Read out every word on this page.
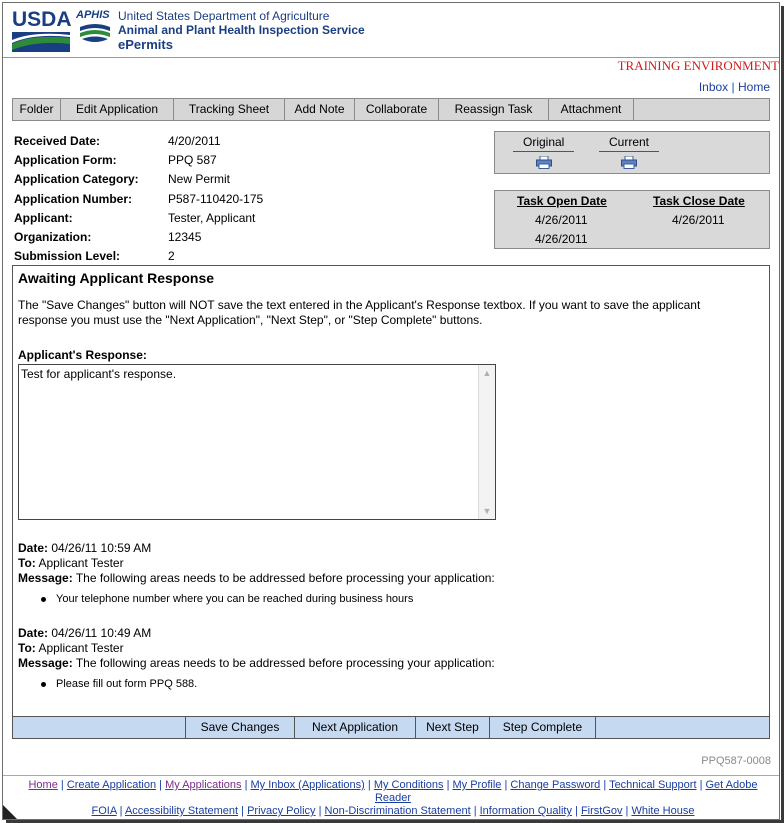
USDA APHIS United States Department of Agriculture
Animal and Plant Health Inspection Service
ePermits
TRAINING ENVIRONMENT
Inbox | Home
Folder	Edit Application	Tracking Sheet	Add Note	Collaborate	Reassign Task	Attachment
Received Date:	4/20/2011
Application Form:	PPQ 587
Application Category: New Permit
Application Number:	P587-110420-175
Applicant:	Tester, Applicant
Organization:	12345
Submission Level:	2
Original	Current
Task Open Date	Task Close Date
4/26/2011	4/26/2011
4/26/2011
Awaiting Applicant Response
The "Save Changes" button will NOT save the text entered in the Applicant's Response textbox. If you want to save the applicant response you must use the "Next Application", "Next Step", or "Step Complete" buttons.
Applicant's Response:
Test for applicant's response.	▲
▼
Date: 04/26/11 10:59 AM
To: Applicant Tester
Message: The following areas needs to be addressed before processing your application:
Your telephone number where you can be reached during business hours
Date: 04/26/11 10:49 AM
To: Applicant Tester
Message: The following areas needs to be addressed before processing your application:
Please fill out form PPQ 588.
Save Changes	Next Application	Next Step	Step Complete
PPQ587-0008
Home | Create Application | My Applications | My Inbox (Applications) | My Conditions | My Profile | Change Password | Technical Support | Get Adobe
Reader
FOIA | Accessibility Statement | Privacy Policy | Non-Discrimination Statement | Information Quality | FirstGov | White House
